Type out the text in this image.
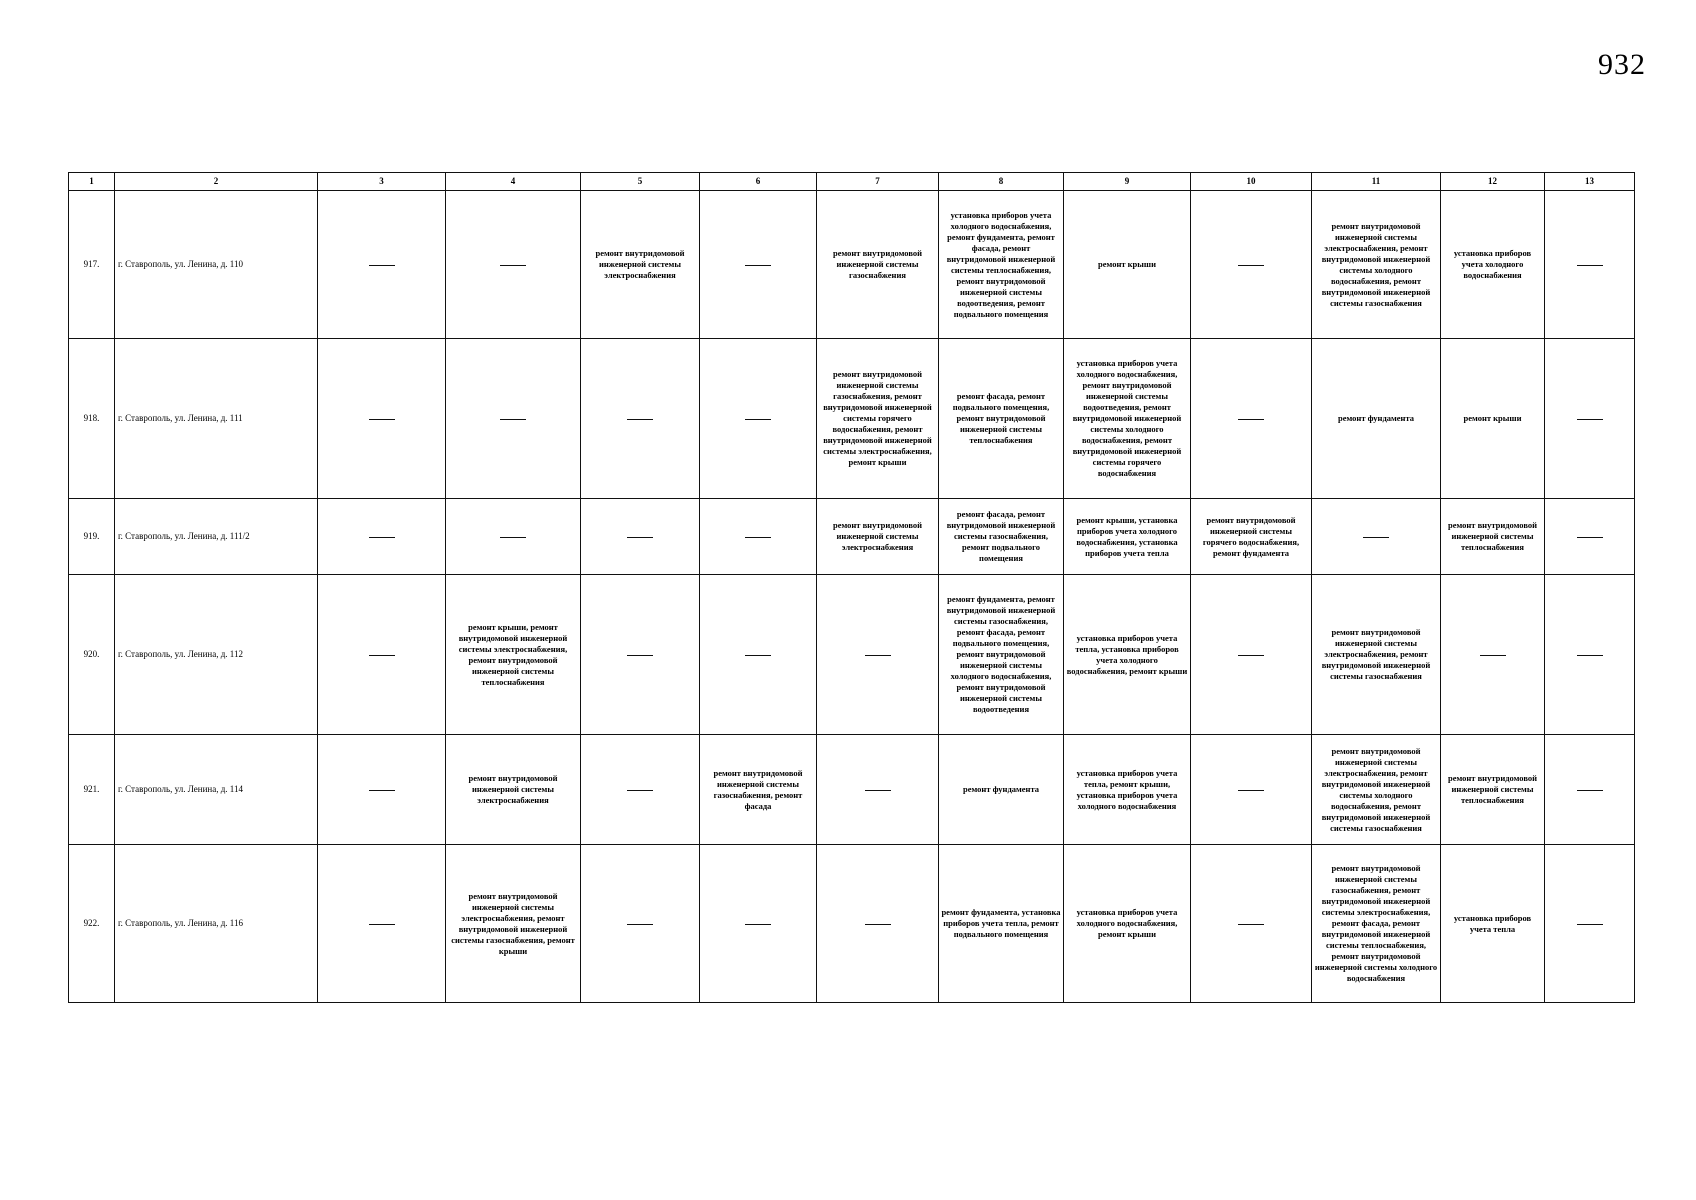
932
1	2	3	4	5	6	7	8	9	10	11	12	13
917.	г. Ставрополь, ул. Ленина, д. 110			ремонт внутридомовой инженерной системы электроснабжения		ремонт внутридомовой инженерной системы газоснабжения	установка приборов учета холодного водоснабжения, ремонт фундамента, ремонт фасада, ремонт внутридомовой инженерной системы теплоснабжения, ремонт внутридомовой инженерной системы водоотведения, ремонт подвального помещения	ремонт крыши		ремонт внутридомовой инженерной системы электроснабжения, ремонт внутридомовой инженерной системы холодного водоснабжения, ремонт внутридомовой инженерной системы газоснабжения	установка приборов учета холодного водоснабжения	
918.	г. Ставрополь, ул. Ленина, д. 111					ремонт внутридомовой инженерной системы газоснабжения, ремонт внутридомовой инженерной системы горячего водоснабжения, ремонт внутридомовой инженерной системы электроснабжения, ремонт крыши	ремонт фасада, ремонт подвального помещения, ремонт внутридомовой инженерной системы теплоснабжения	установка приборов учета холодного водоснабжения, ремонт внутридомовой инженерной системы водоотведения, ремонт внутридомовой инженерной системы холодного водоснабжения, ремонт внутридомовой инженерной системы горячего водоснабжения		ремонт фундамента	ремонт крыши	
919.	г. Ставрополь, ул. Ленина, д. 111/2					ремонт внутридомовой инженерной системы электроснабжения	ремонт фасада, ремонт внутридомовой инженерной системы газоснабжения, ремонт подвального помещения	ремонт крыши, установка приборов учета холодного водоснабжения, установка приборов учета тепла	ремонт внутридомовой инженерной системы горячего водоснабжения, ремонт фундамента		ремонт внутридомовой инженерной системы теплоснабжения	
920.	г. Ставрополь, ул. Ленина, д. 112		ремонт крыши, ремонт внутридомовой инженерной системы электроснабжения, ремонт внутридомовой инженерной системы теплоснабжения				ремонт фундамента, ремонт внутридомовой инженерной системы газоснабжения, ремонт фасада, ремонт подвального помещения, ремонт внутридомовой инженерной системы холодного водоснабжения, ремонт внутридомовой инженерной системы водоотведения	установка приборов учета тепла, установка приборов учета холодного водоснабжения, ремонт крыши		ремонт внутридомовой инженерной системы электроснабжения, ремонт внутридомовой инженерной системы газоснабжения		
921.	г. Ставрополь, ул. Ленина, д. 114		ремонт внутридомовой инженерной системы электроснабжения		ремонт внутридомовой инженерной системы газоснабжения, ремонт фасада		ремонт фундамента	установка приборов учета тепла, ремонт крыши, установка приборов учета холодного водоснабжения		ремонт внутридомовой инженерной системы электроснабжения, ремонт внутридомовой инженерной системы холодного водоснабжения, ремонт внутридомовой инженерной системы газоснабжения	ремонт внутридомовой инженерной системы теплоснабжения	
922.	г. Ставрополь, ул. Ленина, д. 116		ремонт внутридомовой инженерной системы электроснабжения, ремонт внутридомовой инженерной системы газоснабжения, ремонт крыши				ремонт фундамента, установка приборов учета тепла, ремонт подвального помещения	установка приборов учета холодного водоснабжения, ремонт крыши		ремонт внутридомовой инженерной системы газоснабжения, ремонт внутридомовой инженерной системы электроснабжения, ремонт фасада, ремонт внутридомовой инженерной системы теплоснабжения, ремонт внутридомовой инженерной системы холодного водоснабжения	установка приборов учета тепла	
